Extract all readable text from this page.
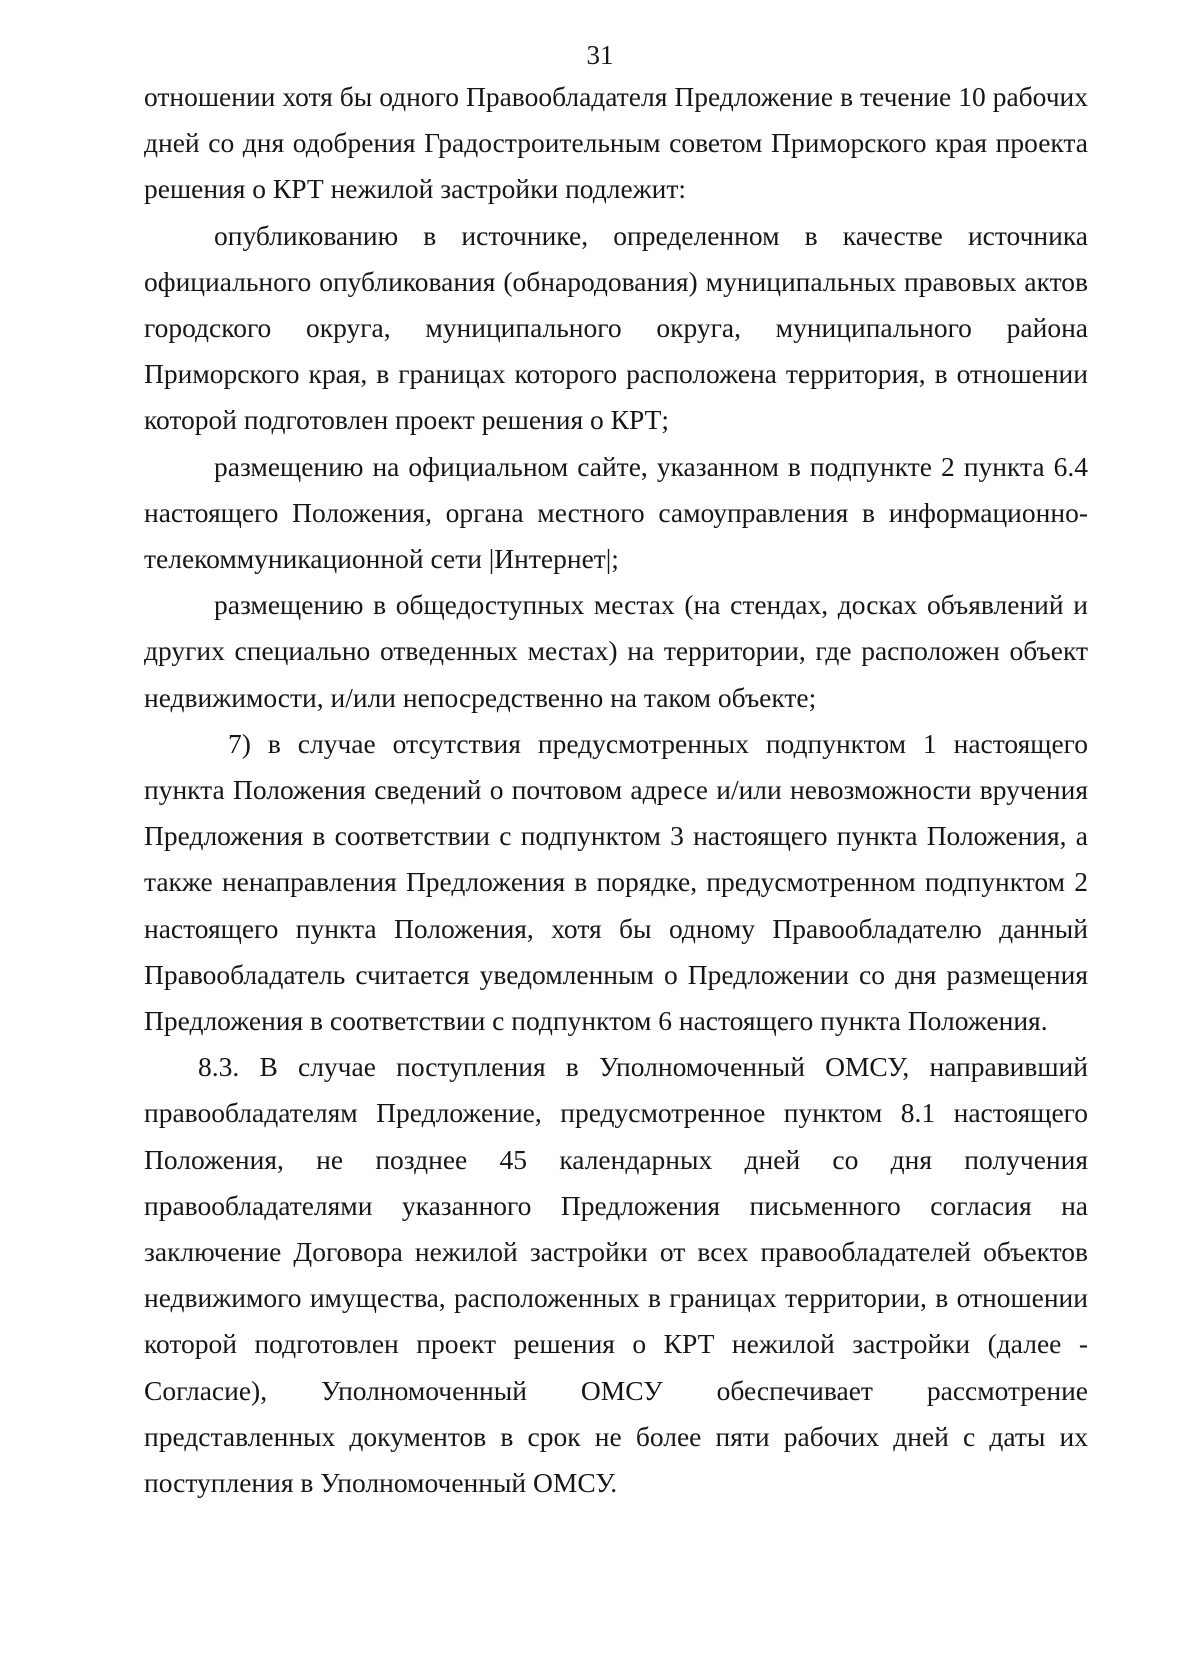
31

отношении хотя бы одного Правообладателя Предложение в течение 10 рабочих дней со дня одобрения Градостроительным советом Приморского края проекта решения о КРТ нежилой застройки подлежит:

опубликованию в источнике, определенном в качестве источника официального опубликования (обнародования) муниципальных правовых актов городского округа, муниципального округа, муниципального района Приморского края, в границах которого расположена территория, в отношении которой подготовлен проект решения о КРТ;

размещению на официальном сайте, указанном в подпункте 2 пункта 6.4 настоящего Положения, органа местного самоуправления в информационно-телекоммуникационной сети |Интернет|;

размещению в общедоступных местах (на стендах, досках объявлений и других специально отведенных местах) на территории, где расположен объект недвижимости, и/или непосредственно на таком объекте;

7) в случае отсутствия предусмотренных подпунктом 1 настоящего пункта Положения сведений о почтовом адресе и/или невозможности вручения Предложения в соответствии с подпунктом 3 настоящего пункта Положения, а также ненаправления Предложения в порядке, предусмотренном подпунктом 2 настоящего пункта Положения, хотя бы одному Правообладателю данный Правообладатель считается уведомленным о Предложении со дня размещения Предложения в соответствии с подпунктом 6 настоящего пункта Положения.

8.3. В случае поступления в Уполномоченный ОМСУ, направивший правообладателям Предложение, предусмотренное пунктом 8.1 настоящего Положения, не позднее 45 календарных дней со дня получения правообладателями указанного Предложения письменного согласия на заключение Договора нежилой застройки от всех правообладателей объектов недвижимого имущества, расположенных в границах территории, в отношении которой подготовлен проект решения о КРТ нежилой застройки (далее - Согласие), Уполномоченный ОМСУ обеспечивает рассмотрение представленных документов в срок не более пяти рабочих дней с даты их поступления в Уполномоченный ОМСУ.
